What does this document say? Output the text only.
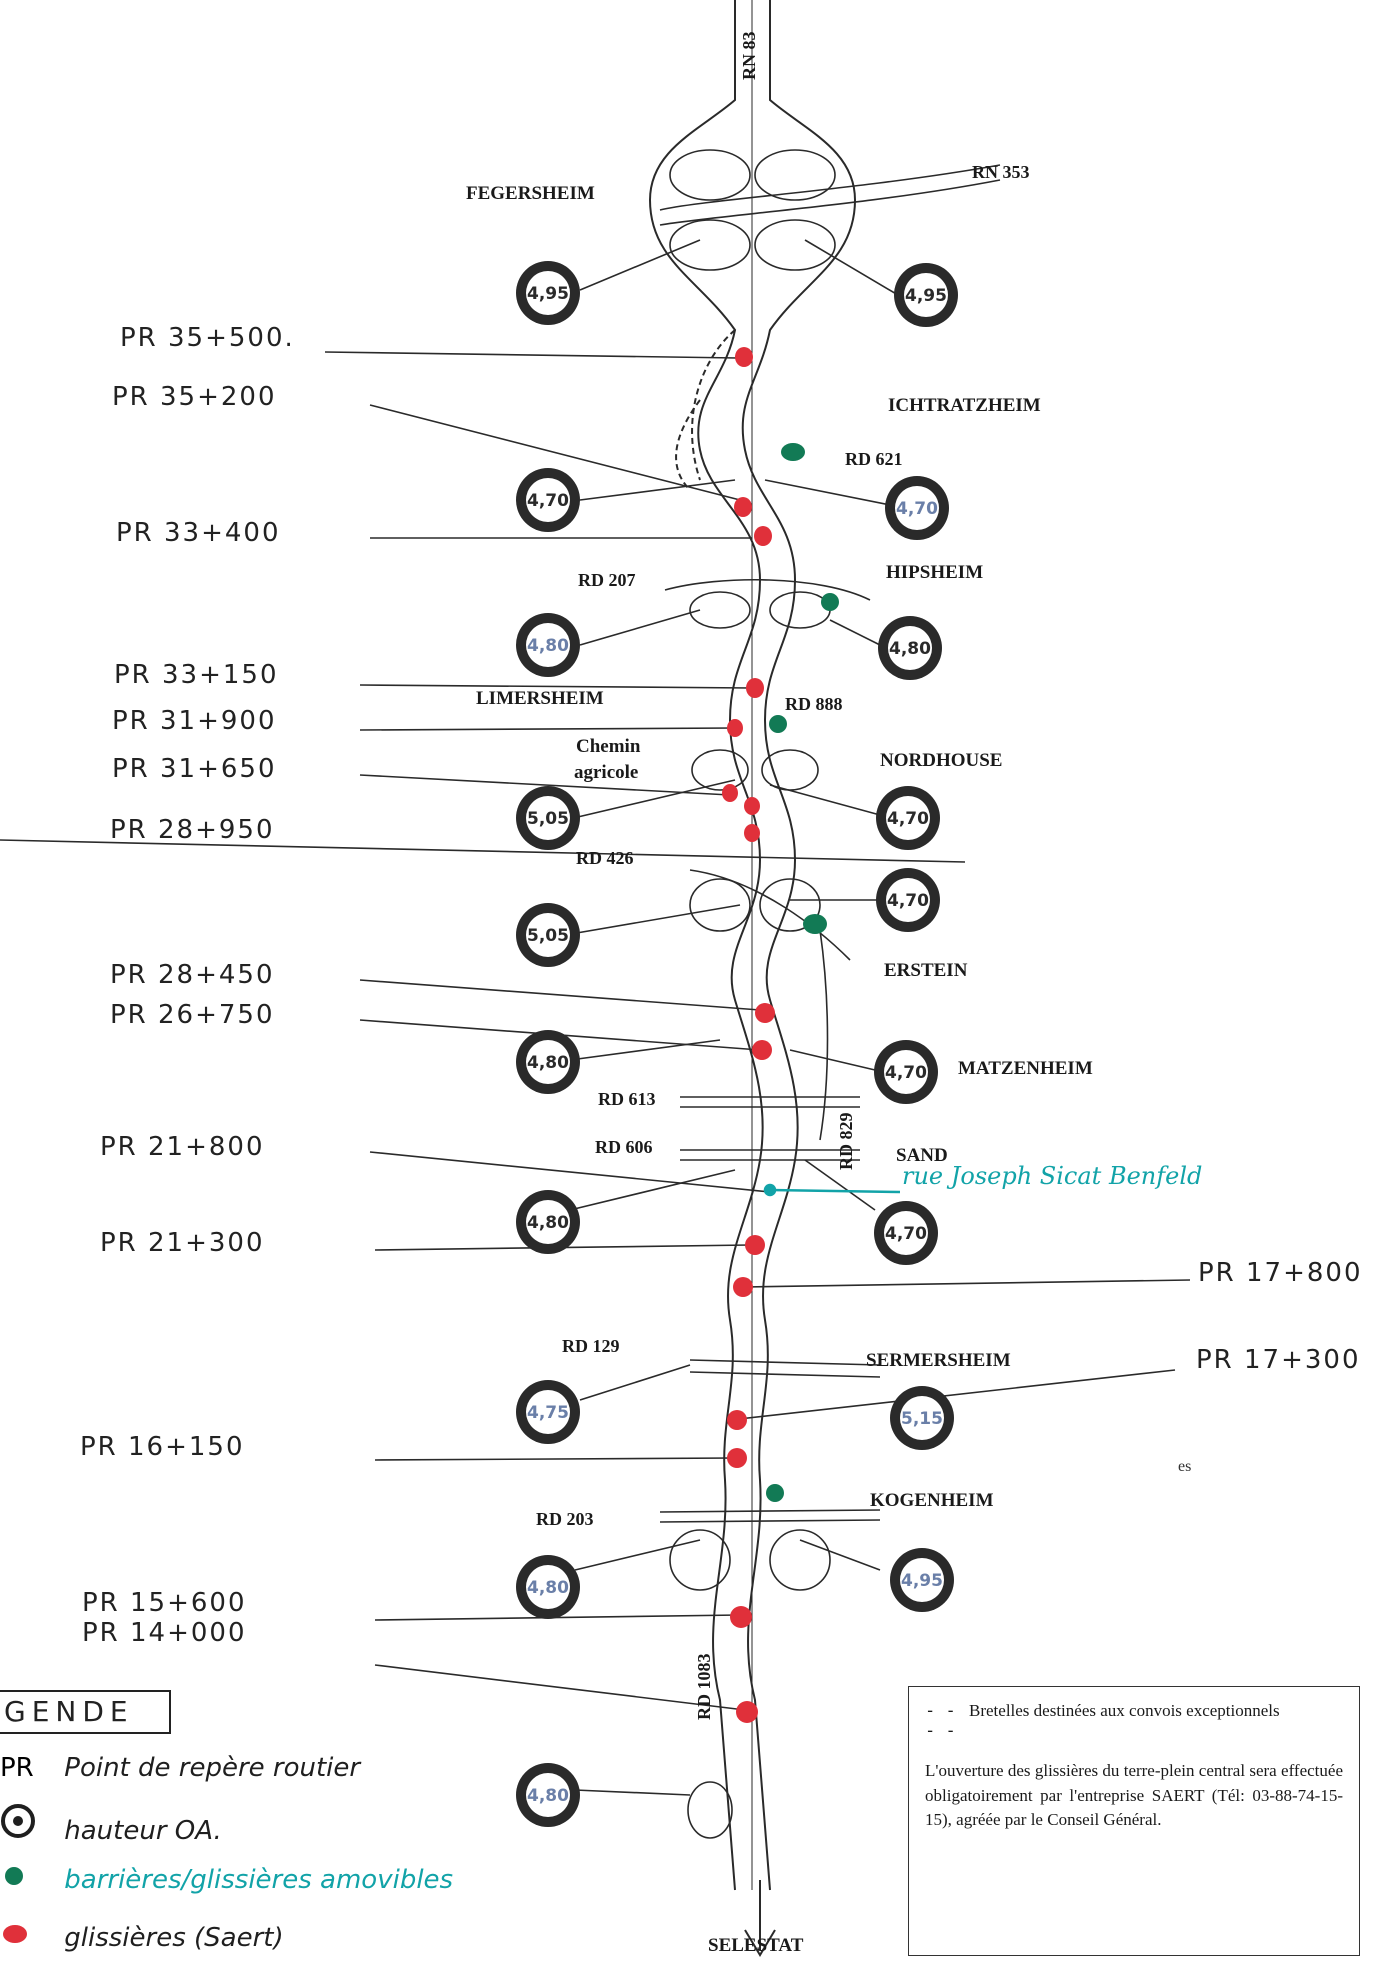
RN 83
RN 353
RD 621
RD 207
RD 888
RD 426
RD 613
RD 606	RD 829
RD 129
RD 203
RD 1083
4,95	4,95
4,70	4,70
4,80	4,80
5,05	4,70
5,05
4,70
4,80	4,70
4,80
4,70
4,75	5,15
4,80	4,95
4,80
FEGERSHEIM
ICHTRATZHEIM
HIPSHEIM
LIMERSHEIM
NORDHOUSE
ERSTEIN
MATZENHEIM
SAND
SERMERSHEIM
KOGENHEIM
SELESTAT
Chemin
agricole
PR 35+500.
PR 35+200
PR 33+400
PR 33+150
PR 31+900
PR 31+650
PR 28+950
PR 28+450
PR 26+750
PR 21+800
PR 21+300
PR 17+800
PR 17+300
PR 16+150
PR 15+600
PR 14+000
rue Joseph Sicat Benfeld
es
GENDE
PR Point de repère routier
hauteur OA.
barrières/glissières amovibles
glissières (Saert)
- - - -Bretelles destinées aux convois exceptionnels
L'ouverture des glissières du terre-plein central sera effectuée obligatoirement par l'entreprise SAERT (Tél: 03-88-74-15-15), agréée par le Conseil Général.
